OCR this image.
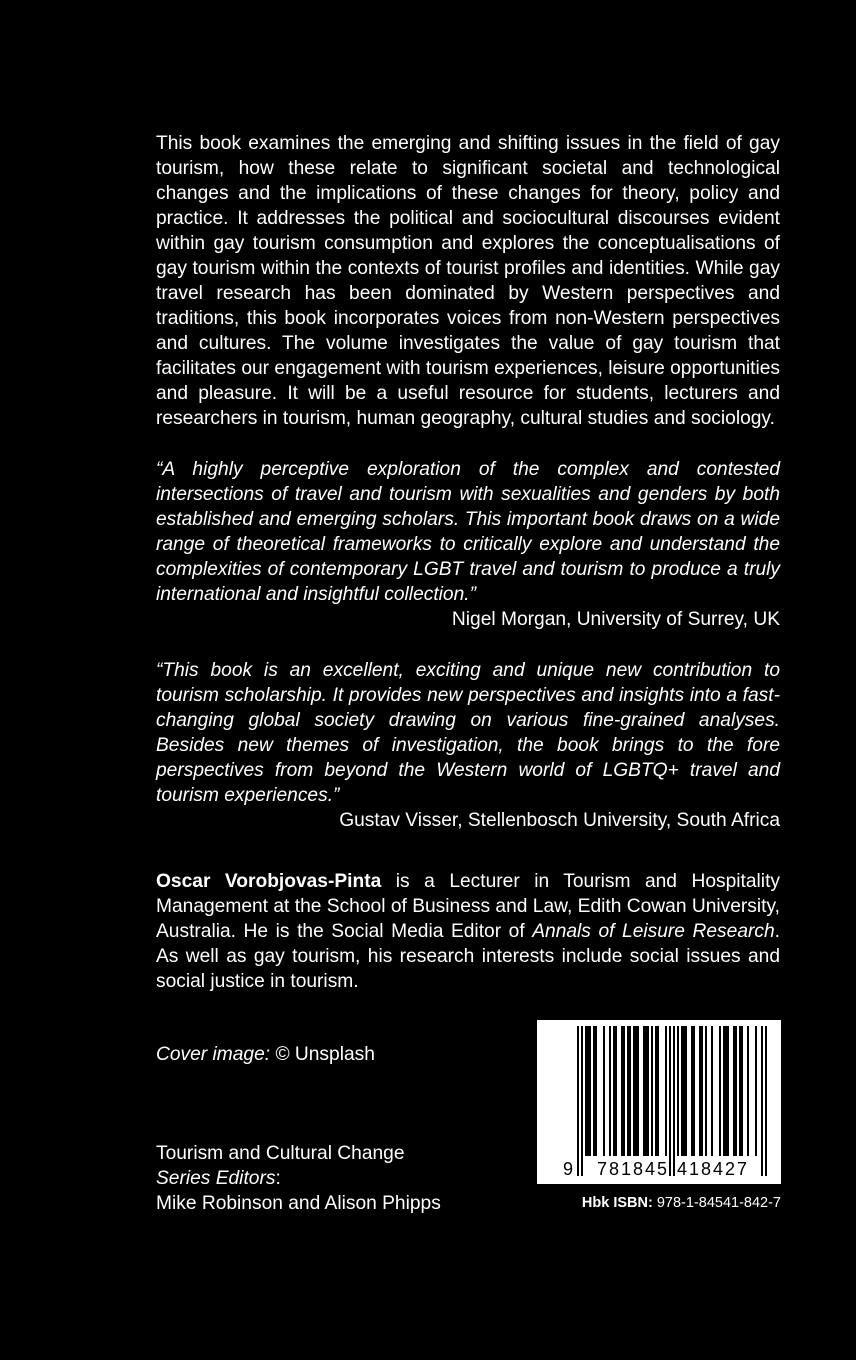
This book examines the emerging and shifting issues in the field of gay tourism, how these relate to significant societal and technological changes and the implications of these changes for theory, policy and practice. It addresses the political and sociocultural discourses evident within gay tourism consumption and explores the conceptualisations of gay tourism within the contexts of tourist profiles and identities. While gay travel research has been dominated by Western perspectives and traditions, this book incorporates voices from non-Western perspectives and cultures. The volume investigates the value of gay tourism that facilitates our engagement with tourism experiences, leisure opportunities and pleasure. It will be a useful resource for students, lecturers and researchers in tourism, human geography, cultural studies and sociology.

“A highly perceptive exploration of the complex and contested intersections of travel and tourism with sexualities and genders by both established and emerging scholars. This important book draws on a wide range of theoretical frameworks to critically explore and understand the complexities of contemporary LGBT travel and tourism to produce a truly international and insightful collection.”

Nigel Morgan, University of Surrey, UK

“This book is an excellent, exciting and unique new contribution to tourism scholarship. It provides new perspectives and insights into a fast-changing global society drawing on various fine-grained analyses. Besides new themes of investigation, the book brings to the fore perspectives from beyond the Western world of LGBTQ+ travel and tourism experiences.”

Gustav Visser, Stellenbosch University, South Africa

Oscar Vorobjovas-Pinta is a Lecturer in Tourism and Hospitality Management at the School of Business and Law, Edith Cowan University, Australia. He is the Social Media Editor of Annals of Leisure Research. As well as gay tourism, his research interests include social issues and social justice in tourism.

Cover image: © Unsplash

Tourism and Cultural Change
Series Editors:
Mike Robinson and Alison Phipps

9 781845 418427

Hbk ISBN: 978-1-84541-842-7
